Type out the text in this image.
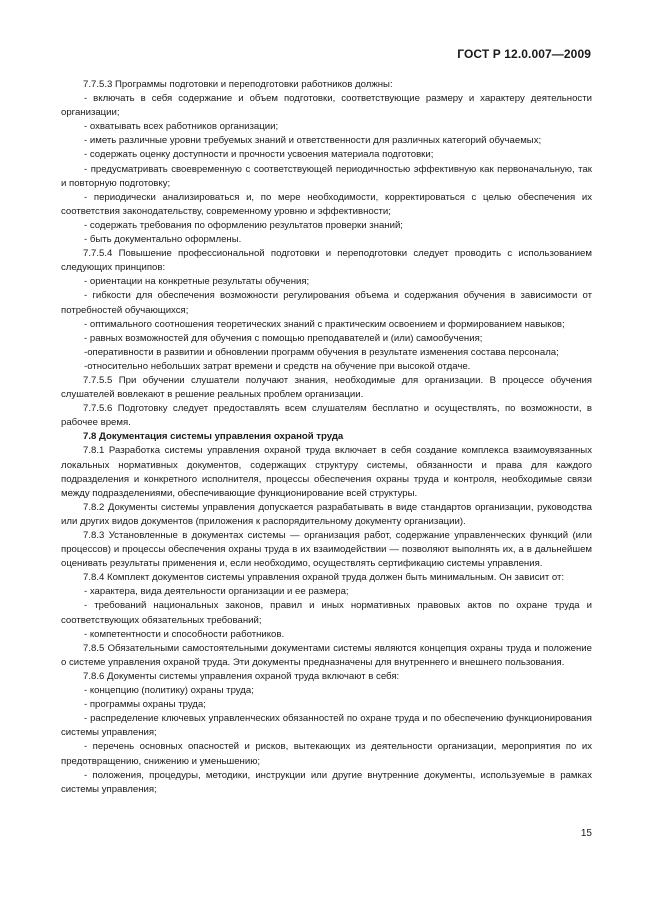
ГОСТ Р 12.0.007—2009

7.7.5.3 Программы подготовки и переподготовки работников должны:

- включать в себя содержание и объем подготовки, соответствующие размеру и характеру деятельности организации;

- охватывать всех работников организации;

- иметь различные уровни требуемых знаний и ответственности для различных категорий обучаемых;

- содержать оценку доступности и прочности усвоения материала подготовки;

- предусматривать своевременную с соответствующей периодичностью эффективную как первоначальную, так и повторную подготовку;

- периодически анализироваться и, по мере необходимости, корректироваться с целью обеспечения их соответствия законодательству, современному уровню и эффективности;

- содержать требования по оформлению результатов проверки знаний;

- быть документально оформлены.

7.7.5.4 Повышение профессиональной подготовки и переподготовки следует проводить с использованием следующих принципов:

- ориентации на конкретные результаты обучения;

- гибкости для обеспечения возможности регулирования объема и содержания обучения в зависимости от потребностей обучающихся;

- оптимального соотношения теоретических знаний с практическим освоением и формированием навыков;

- равных возможностей для обучения с помощью преподавателей и (или) самообучения;

-оперативности в развитии и обновлении программ обучения в результате изменения состава персонала;

-относительно небольших затрат времени и средств на обучение при высокой отдаче.

7.7.5.5 При обучении слушатели получают знания, необходимые для организации. В процессе обучения слушателей вовлекают в решение реальных проблем организации.

7.7.5.6 Подготовку следует предоставлять всем слушателям бесплатно и осуществлять, по возможности, в рабочее время.

7.8 Документация системы управления охраной труда

7.8.1 Разработка системы управления охраной труда включает в себя создание комплекса взаимоувязанных локальных нормативных документов, содержащих структуру системы, обязанности и права для каждого подразделения и конкретного исполнителя, процессы обеспечения охраны труда и контроля, необходимые связи между подразделениями, обеспечивающие функционирование всей структуры.

7.8.2 Документы системы управления допускается разрабатывать в виде стандартов организации, руководства или других видов документов (приложения к распорядительному документу организации).

7.8.3 Установленные в документах системы — организация работ, содержание управленческих функций (или процессов) и процессы обеспечения охраны труда в их взаимодействии — позволяют выполнять их, а в дальнейшем оценивать результаты применения и, если необходимо, осуществлять сертификацию системы управления.

7.8.4 Комплект документов системы управления охраной труда должен быть минимальным. Он зависит от:

- характера, вида деятельности организации и ее размера;

- требований национальных законов, правил и иных нормативных правовых актов по охране труда и соответствующих обязательных требований;

- компетентности и способности работников.

7.8.5 Обязательными самостоятельными документами системы являются концепция охраны труда и положение о системе управления охраной труда. Эти документы предназначены для внутреннего и внешнего пользования.

7.8.6 Документы системы управления охраной труда включают в себя:

- концепцию (политику) охраны труда;

- программы охраны труда;

- распределение ключевых управленческих обязанностей по охране труда и по обеспечению функционирования системы управления;

- перечень основных опасностей и рисков, вытекающих из деятельности организации, мероприятия по их предотвращению, снижению и уменьшению;

- положения, процедуры, методики, инструкции или другие внутренние документы, используемые в рамках системы управления;

15
